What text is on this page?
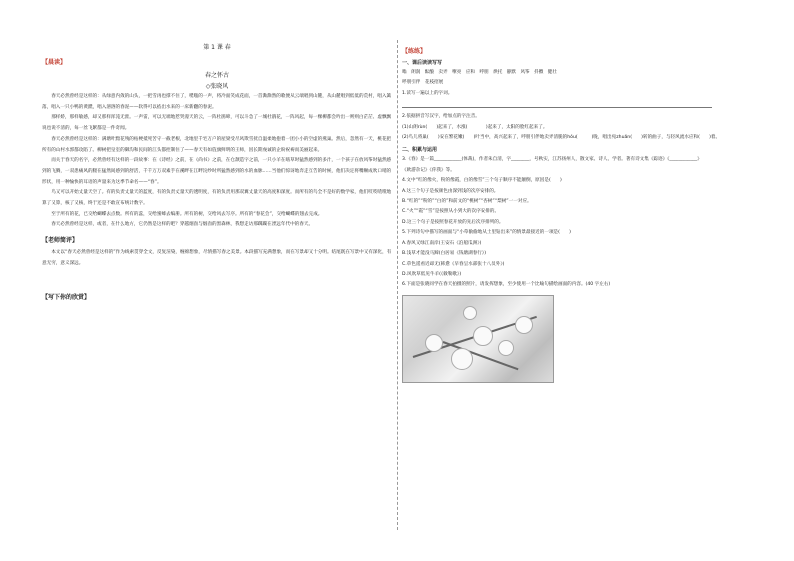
第 1 课 春
【晨读】
春之怀古
◇张晓风

春天必然曾经是这样的：从绿意内敛的山头，一把雪再也撑不住了，噗嗤的一声，将冷面笑成花面，一首澌澌然的歌便从云端唱到山麓，从山麓唱到低低的荒村，唱入篱落，唱入一只小鸭的黄蹼，唱入溶溶的春泥——软得可以掐出水来的一床新翻的春泥。

那样娇，那样敏感，却又那样浑沌无涯。一声雷，可以无端地惹哭漫天的云，一阵杜鹃啼，可以斗急了一城杜鹃花，一阵风起，每一棵柳都会吟出一则则白茫茫、虚飘飘说也说不清的，每一丝飞絮都是一件奇闻。

春天必然曾经是这样的：满塘叶黯花残的枯梗抵死苦守一截老根，北地里千宅万户的屋梁受尽风欺雪扰自温柔地抱着一团小小的空虚的燕巢。然后，忽然有一天，桃花把所有的山村水郭都攻陷了。柳树把皇室的御沟和民间的江头都控制住了——春天有如旌旗鲜明的王师，因长期虔诚的企盼祝祷而美丽起来。

而关于春天的名字，必然曾经有这样的一段故事：在《诗经》之前，在《尚书》之前，在仓颉造字之前，一只小羊在啮草时猛然感到的多汁，一个孩子在放风筝时猛然感到的飞腾，一双患痛风的腿在猛然间感到的舒活，千千万万双素手在溪畔在江畔浣纱时所猛然感到的水的血脉……当他们惊讶地奔走互告的时候，他们决定将嘴噘成吹口哨的形状，用一种愉快的耳语的声量来为这季节命名——“春”。

鸟又可以开始丈量天空了。有的负责丈量天的蓝度，有的负责丈量天的透明度，有的负责用那双翼丈量天的高度和深度。而所有的鸟全不是好的数学家，他们吱吱喳喳地算了又算，核了又核，终于还是不敢宣布统计数字。

至于所有的花，已交给蝴蝶去点数。所有的蕊，交给蜜蜂去编册。所有的树，交给风去写序。所有的“春花会”，交给蝴蝶的翅去完成。

春天必然曾经是这样，或者，在什么地方，它仍然是这样的吧？穿越烟囱与烟囱的黑森林，我想走访那踯躅在湮远年代中的春天。

【老师简评】

本文以“春天必然曾经是这样的”作为线索贯穿全文，反复渲染，缠绵想象，尽情描写春之美景。本段描写充满想象，而在写景却又十分明。结尾既在写景中又有深化，有意无穷，意义深远。

【写下你的欣赏】
【练练】
一、课后读读写写

嗡 朗润 酝酿 卖弄 嘹亮 应和 呼朋 烘托 静默 风筝 抖擞 健壮

呼朋引伴 花枝招展

1.读写一遍以上的字词。

2.依据拼音写汉字，给加点的字注音。

(1)山朗rùn(　　)起来了，水涨(　　　　)起来了，太阳的脸红起来了。

(2)鸟儿将巢(　　)安在繁花嫩(　　)叶当中，高兴起来了，呼朋引伴地卖弄清脆的hóu(　　　)咙，唱出宛zhuǎn(　　)转的曲子，与轻风流水应和(　　)着。

二、积累与运用

3.《春》是一篇____________(体裁)，作者朱自清，字________，号秋实，江苏扬州人，散文家、诗人、学者。著有诗文集《踪迹》《____________》

《欧游杂记》《你我》等。

4.文中“红的像火，粉的像霞，白的像雪”三个句子顺序不能颠倒，原因是(　　)

A.这三个句子是按颜色由深到浅的次序安排的。

B.“红的”“粉的”“白的”和前文的“桃树”“杏树”“梨树”一一对应。

C.“火”“霞”“雪”是按照从小到大的次序安排的。

D.这三个句子是按照春花开放的先后次序排列的。

5.下列诗句中描写的画面与“小草偷偷地从土里钻出来”的情景最接近的一项是(　　)

A.春风又绿江南岸(王安石《泊船瓜洲》)

B.浅草才能没马蹄(白居易《钱塘湖春行》)

C.草色遥看近却无(韩愈《早春呈水部张十八员外》)

D.风吹草低见牛羊(《敕勒歌》)

6.下面是张晓同学在春天拍摄的照片，请发挥想象，至少使用一个比喻句描绘画面的内容。(40 字左右)
